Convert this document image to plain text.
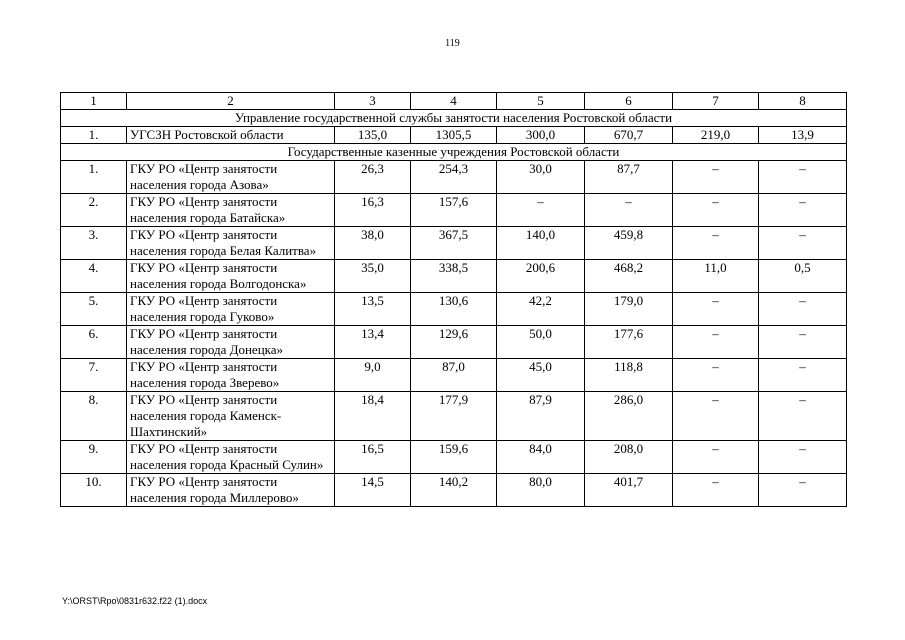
119
1	2	3	4	5	6	7	8
Управление государственной службы занятости населения Ростовской области							
1.	УГСЗН Ростовской области	135,0	1305,5	300,0	670,7	219,0	13,9
Государственные казенные учреждения Ростовской области							
1.	ГКУ РО «Центр занятости населения города Азова»	26,3	254,3	30,0	87,7	–	–
2.	ГКУ РО «Центр занятости населения города Батайска»	16,3	157,6	–	–	–	–
3.	ГКУ РО «Центр занятости населения города Белая Калитва»	38,0	367,5	140,0	459,8	–	–
4.	ГКУ РО «Центр занятости населения города Волгодонска»	35,0	338,5	200,6	468,2	11,0	0,5
5.	ГКУ РО «Центр занятости населения города Гуково»	13,5	130,6	42,2	179,0	–	–
6.	ГКУ РО «Центр занятости населения города Донецка»	13,4	129,6	50,0	177,6	–	–
7.	ГКУ РО «Центр занятости населения города Зверево»	9,0	87,0	45,0	118,8	–	–
8.	ГКУ РО «Центр занятости населения города Каменск-Шахтинский»	18,4	177,9	87,9	286,0	–	–
9.	ГКУ РО «Центр занятости населения города Красный Сулин»	16,5	159,6	84,0	208,0	–	–
10.	ГКУ РО «Центр занятости населения города Миллерово»	14,5	140,2	80,0	401,7	–	–
Y:\ORST\Rpo\0831r632.f22 (1).docx
